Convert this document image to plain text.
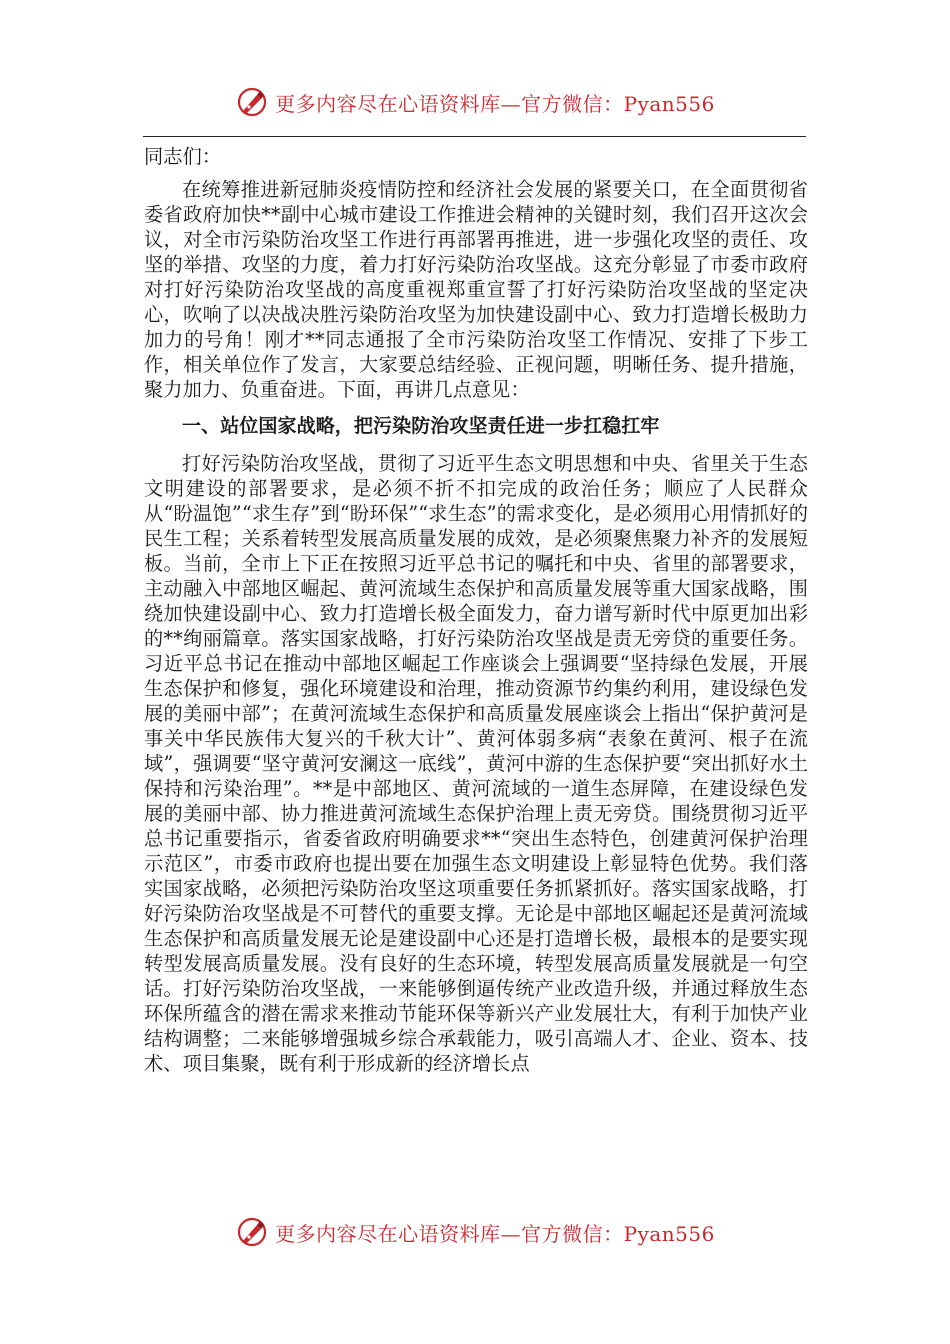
更多内容尽在心语资料库—官方微信：Pyan556

同志们：

在统筹推进新冠肺炎疫情防控和经济社会发展的紧要关口，在全面贯彻省委省政府加快**副中心城市建设工作推进会精神的关键时刻，我们召开这次会议，对全市污染防治攻坚工作进行再部署再推进，进一步强化攻坚的责任、攻坚的举措、攻坚的力度，着力打好污染防治攻坚战。这充分彰显了市委市政府对打好污染防治攻坚战的高度重视郑重宣誓了打好污染防治攻坚战的坚定决心，吹响了以决战决胜污染防治攻坚为加快建设副中心、致力打造增长极助力加力的号角！刚才**同志通报了全市污染防治攻坚工作情况、安排了下步工作，相关单位作了发言，大家要总结经验、正视问题，明晰任务、提升措施，聚力加力、负重奋进。下面，再讲几点意见：

一、站位国家战略，把污染防治攻坚责任进一步扛稳扛牢

打好污染防治攻坚战，贯彻了习近平生态文明思想和中央、省里关于生态文明建设的部署要求，是必须不折不扣完成的政治任务；顺应了人民群众从“盼温饱”“求生存”到“盼环保”“求生态”的需求变化，是必须用心用情抓好的民生工程；关系着转型发展高质量发展的成效，是必须聚焦聚力补齐的发展短板。当前，全市上下正在按照习近平总书记的嘱托和中央、省里的部署要求，主动融入中部地区崛起、黄河流域生态保护和高质量发展等重大国家战略，围绕加快建设副中心、致力打造增长极全面发力，奋力谱写新时代中原更加出彩的**绚丽篇章。落实国家战略，打好污染防治攻坚战是责无旁贷的重要任务。习近平总书记在推动中部地区崛起工作座谈会上强调要“坚持绿色发展，开展生态保护和修复，强化环境建设和治理，推动资源节约集约利用，建设绿色发展的美丽中部”；在黄河流域生态保护和高质量发展座谈会上指出“保护黄河是事关中华民族伟大复兴的千秋大计”、黄河体弱多病“表象在黄河、根子在流域”，强调要“坚守黄河安澜这一底线”，黄河中游的生态保护要“突出抓好水土保持和污染治理”。**是中部地区、黄河流域的一道生态屏障，在建设绿色发展的美丽中部、协力推进黄河流域生态保护治理上责无旁贷。围绕贯彻习近平总书记重要指示，省委省政府明确要求**“突出生态特色，创建黄河保护治理示范区”，市委市政府也提出要在加强生态文明建设上彰显特色优势。我们落实国家战略，必须把污染防治攻坚这项重要任务抓紧抓好。落实国家战略，打好污染防治攻坚战是不可替代的重要支撑。无论是中部地区崛起还是黄河流域生态保护和高质量发展无论是建设副中心还是打造增长极，最根本的是要实现转型发展高质量发展。没有良好的生态环境，转型发展高质量发展就是一句空话。打好污染防治攻坚战，一来能够倒逼传统产业改造升级，并通过释放生态环保所蕴含的潜在需求来推动节能环保等新兴产业发展壮大，有利于加快产业结构调整；二来能够增强城乡综合承载能力，吸引高端人才、企业、资本、技术、项目集聚，既有利于形成新的经济增长点

更多内容尽在心语资料库—官方微信：Pyan556
